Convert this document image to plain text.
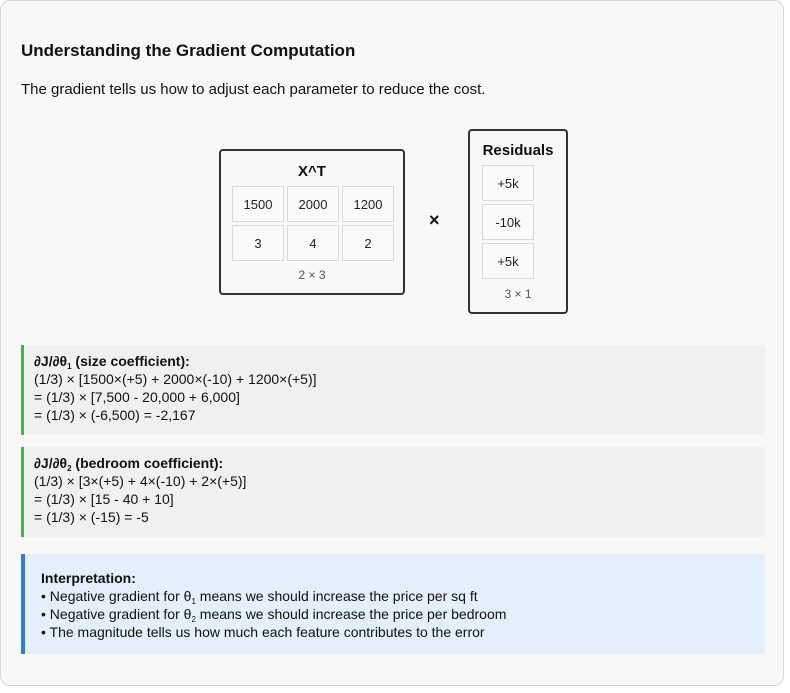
Understanding the Gradient Computation
The gradient tells us how to adjust each parameter to reduce the cost.
X^T
1500	2000	1200
3	4	2
2 × 3
×
Residuals
+5k
-10k
+5k
3 × 1
$\partial J/\partial\theta_1$ (size coefficient):
(1/3) × [1500×(+5) + 2000×(-10) + 1200×(+5)]
= (1/3) × [7,500 - 20,000 + 6,000]
= (1/3) × (-6,500) = -2,167
$\partial J/\partial\theta_2$ (bedroom coefficient):
(1/3) × [3×(+5) + 4×(-10) + 2×(+5)]
= (1/3) × [15 - 40 + 10]
= (1/3) × (-15) = -5
Interpretation:
• Negative gradient for $\theta_1$ means we should increase the price per sq ft
• Negative gradient for $\theta_2$ means we should increase the price per bedroom
• The magnitude tells us how much each feature contributes to the error
